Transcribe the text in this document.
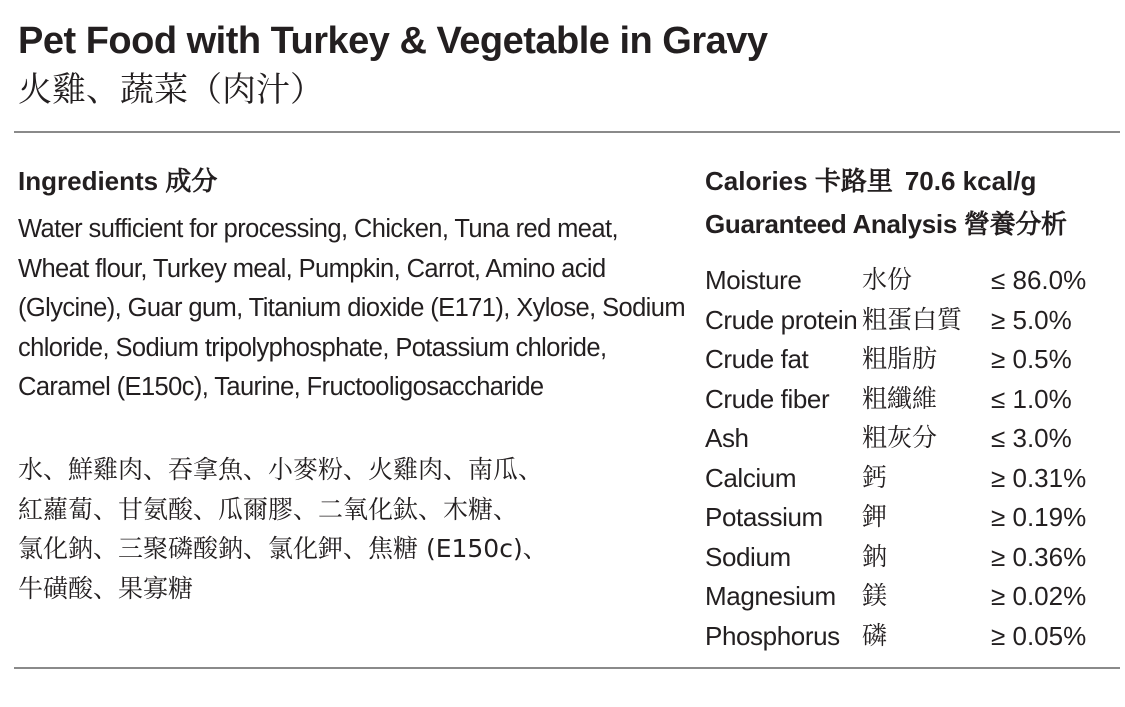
Pet Food with Turkey & Vegetable in Gravy
火雞、蔬菜（肉汁）
Ingredients 成分
Water sufficient for processing, Chicken, Tuna red meat,
Wheat flour, Turkey meal, Pumpkin, Carrot, Amino acid
(Glycine), Guar gum, Titanium dioxide (E171), Xylose, Sodium
chloride, Sodium tripolyphosphate, Potassium chloride,
Caramel (E150c), Taurine, Fructooligosaccharide
水、鮮雞肉、吞拿魚、小麥粉、火雞肉、南瓜、
紅蘿蔔、甘氨酸、瓜爾膠、二氧化鈦、木糖、
氯化鈉、三聚磷酸鈉、氯化鉀、焦糖 (E150c)、
牛磺酸、果寡糖
Calories 卡路里 70.6 kcal/g
Guaranteed Analysis 營養分析
Moisture 水份	≤ 86.0%
Crude protein 粗蛋白質 ≥ 5.0%
Crude fat 粗脂肪 ≥ 0.5%
Crude fiber 粗纖維 ≤ 1.0%
Ash	粗灰分 ≤ 3.0%
Calcium	鈣	≥ 0.31%
Potassium 鉀	≥ 0.19%
Sodium	鈉	≥ 0.36%
Magnesium 鎂	≥ 0.02%
Phosphorus 磷	≥ 0.05%
